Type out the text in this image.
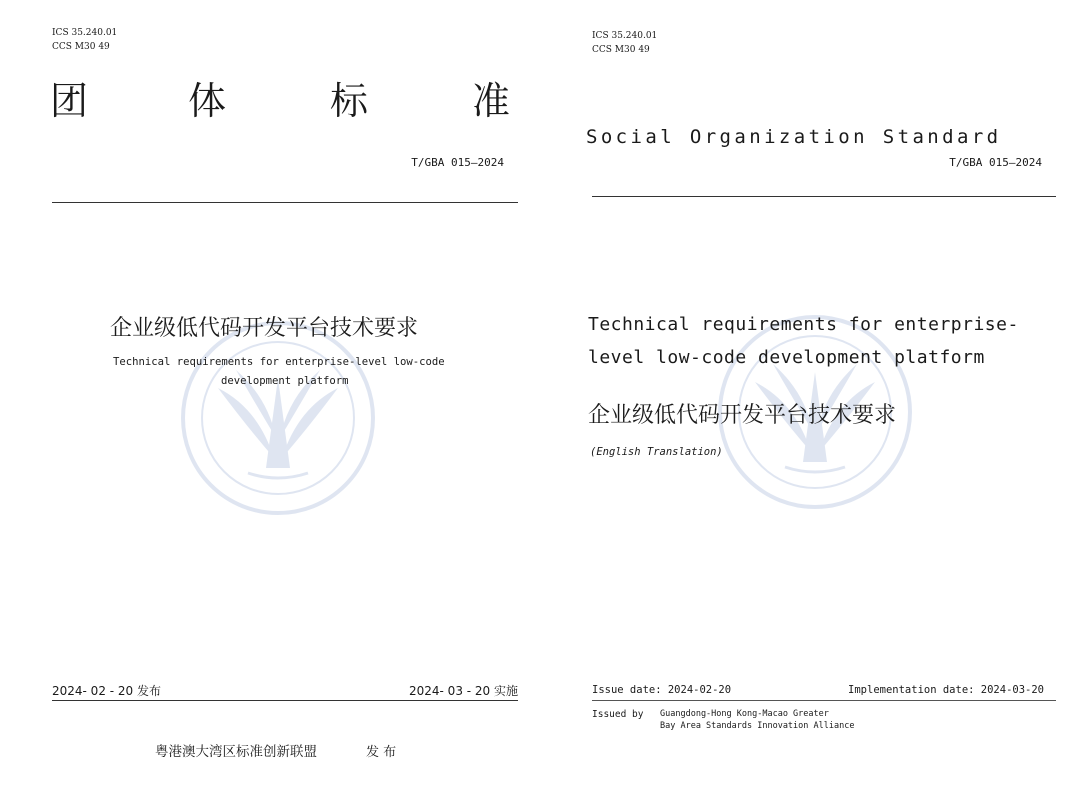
ICS 35.240.01
CCS M30 49
团	体	标	准
T/GBA 015—2024
企业级低代码开发平台技术要求
Technical requirements for enterprise-level low-code
development platform
2024- 02 - 20 发布	2024- 03 - 20 实施
粤港澳大湾区标准创新联盟	发 布
ICS 35.240.01
CCS M30 49
Social Organization Standard
T/GBA 015—2024
Technical requirements for enterprise-
level low-code development platform
企业级低代码开发平台技术要求
(English Translation)
Issue date: 2024-02-20	Implementation date: 2024-03-20
Issued by Guangdong-Hong Kong-Macao Greater
Bay Area Standards Innovation Alliance
